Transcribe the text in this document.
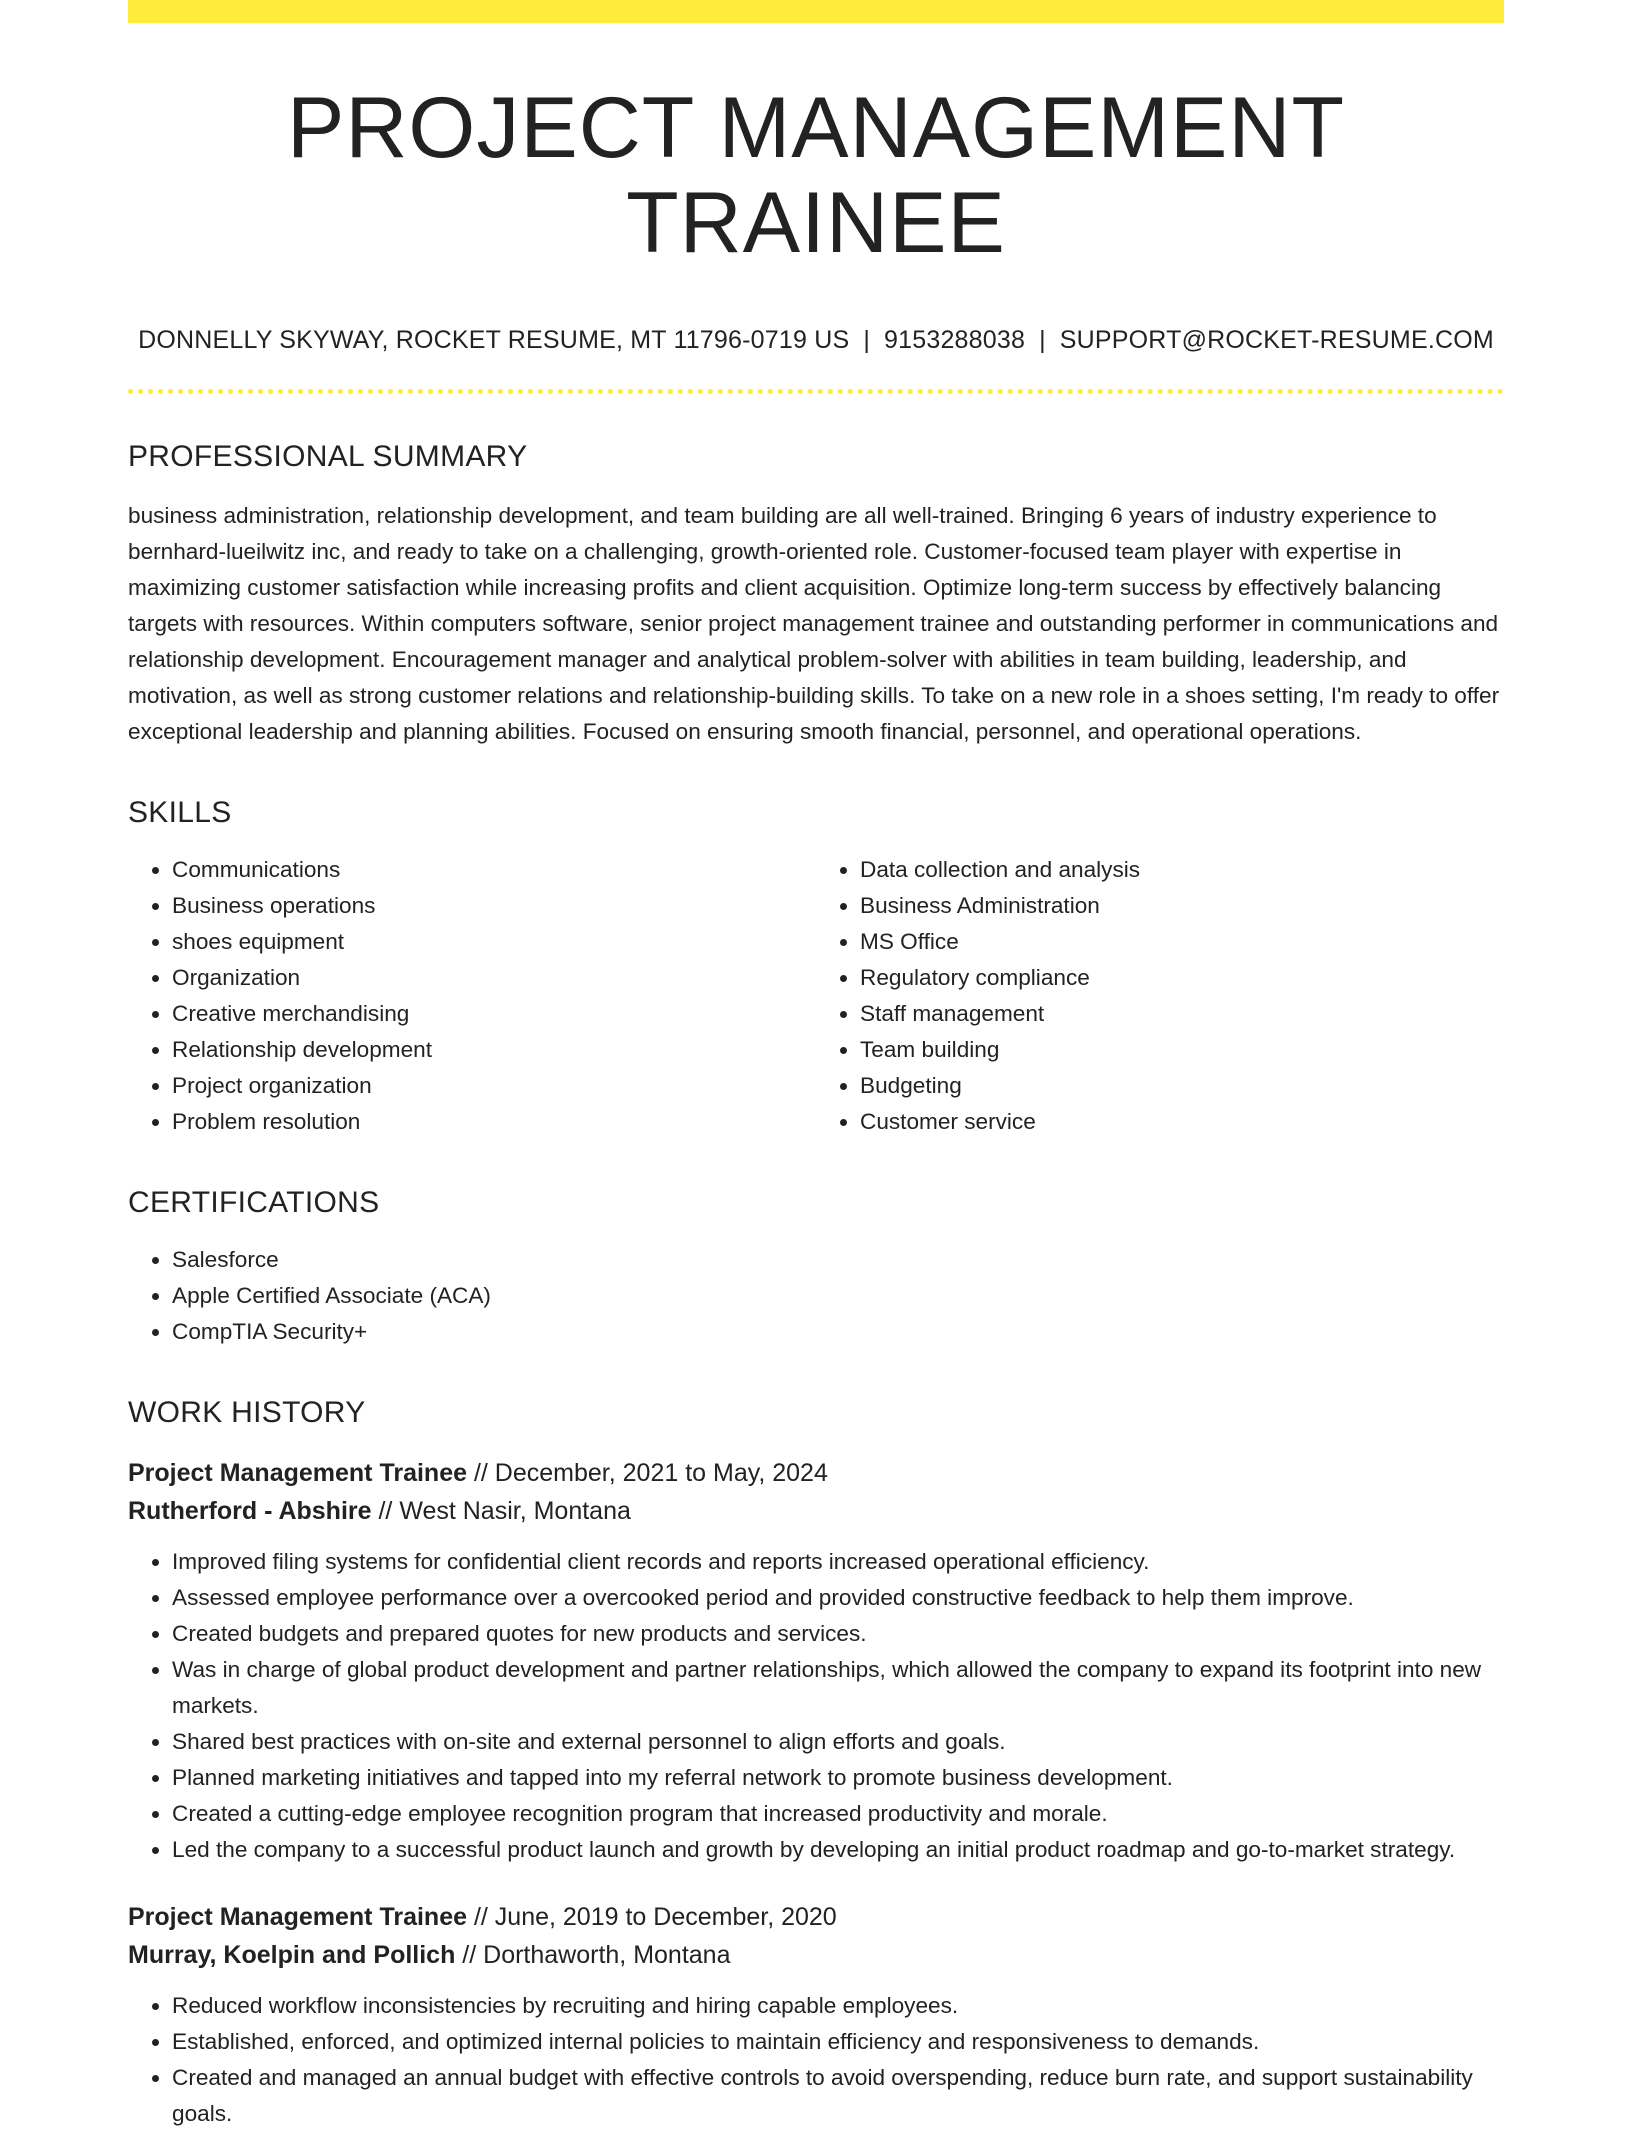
PROJECT MANAGEMENT TRAINEE
DONNELLY SKYWAY, ROCKET RESUME, MT 11796-0719 US | 9153288038 | SUPPORT@ROCKET-RESUME.COM
PROFESSIONAL SUMMARY
business administration, relationship development, and team building are all well-trained. Bringing 6 years of industry experience to bernhard-lueilwitz inc, and ready to take on a challenging, growth-oriented role. Customer-focused team player with expertise in maximizing customer satisfaction while increasing profits and client acquisition. Optimize long-term success by effectively balancing targets with resources. Within computers software, senior project management trainee and outstanding performer in communications and relationship development. Encouragement manager and analytical problem-solver with abilities in team building, leadership, and motivation, as well as strong customer relations and relationship-building skills. To take on a new role in a shoes setting, I'm ready to offer exceptional leadership and planning abilities. Focused on ensuring smooth financial, personnel, and operational operations.
SKILLS
• Communications
• Business operations
• shoes equipment
• Organization
• Creative merchandising
• Relationship development
• Project organization
• Problem resolution
• Data collection and analysis
• Business Administration
• MS Office
• Regulatory compliance
• Staff management
• Team building
• Budgeting
• Customer service
CERTIFICATIONS
• Salesforce
• Apple Certified Associate (ACA)
• CompTIA Security+
WORK HISTORY
Project Management Trainee // December, 2021 to May, 2024
Rutherford - Abshire // West Nasir, Montana
• Improved filing systems for confidential client records and reports increased operational efficiency.
• Assessed employee performance over a overcooked period and provided constructive feedback to help them improve.
• Created budgets and prepared quotes for new products and services.
• Was in charge of global product development and partner relationships, which allowed the company to expand its footprint into new markets.
• Shared best practices with on-site and external personnel to align efforts and goals.
• Planned marketing initiatives and tapped into my referral network to promote business development.
• Created a cutting-edge employee recognition program that increased productivity and morale.
• Led the company to a successful product launch and growth by developing an initial product roadmap and go-to-market strategy.
Project Management Trainee // June, 2019 to December, 2020
Murray, Koelpin and Pollich // Dorthaworth, Montana
• Reduced workflow inconsistencies by recruiting and hiring capable employees.
• Established, enforced, and optimized internal policies to maintain efficiency and responsiveness to demands.
• Created and managed an annual budget with effective controls to avoid overspending, reduce burn rate, and support sustainability goals.
